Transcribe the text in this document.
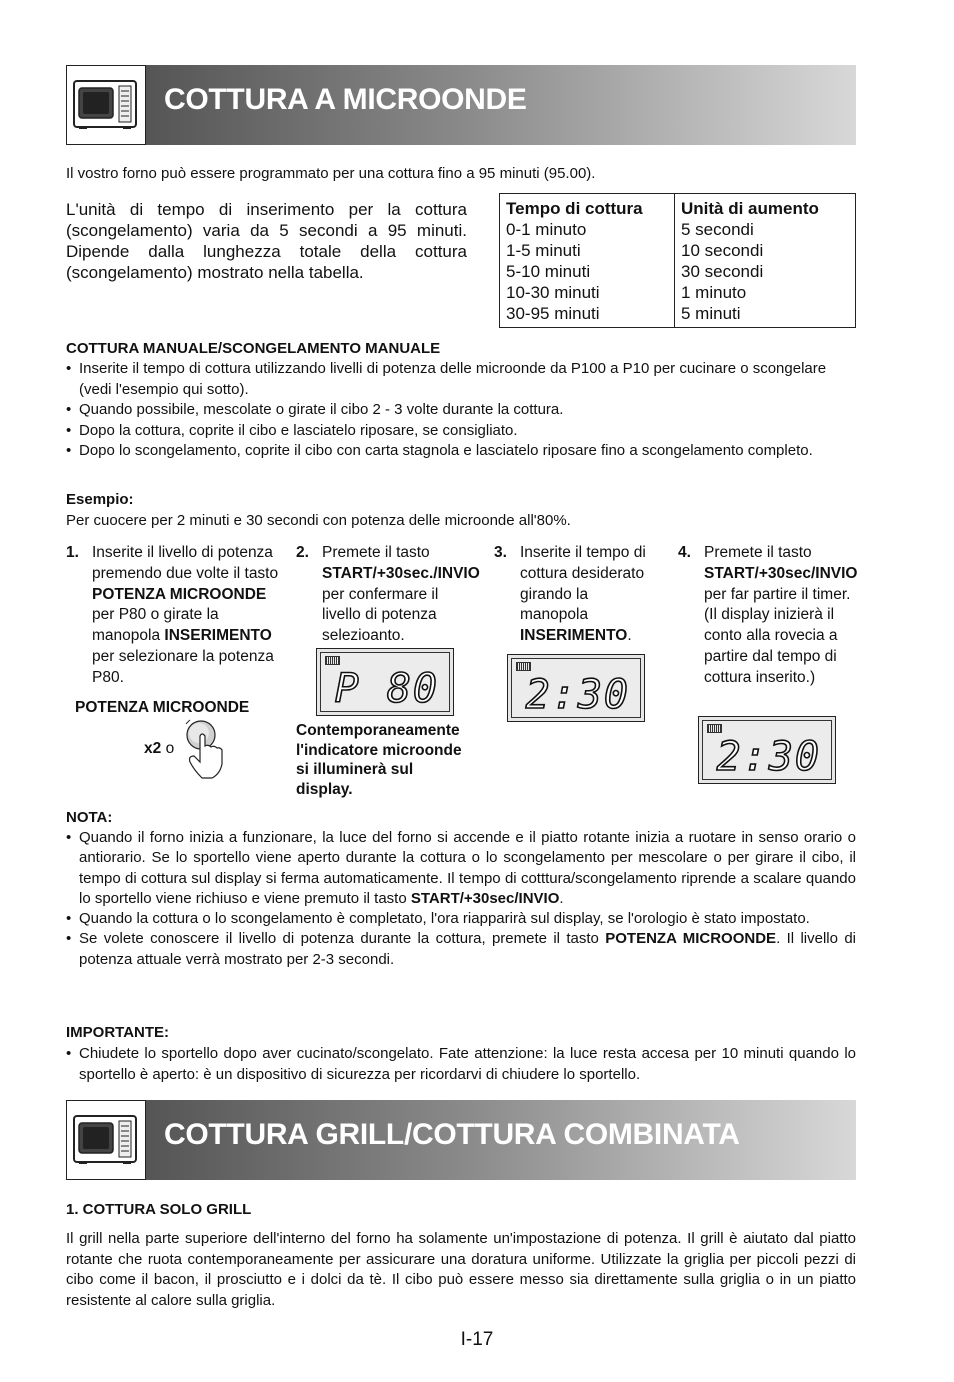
COTTURA A MICROONDE
Il vostro forno può essere programmato per una cottura fino a 95 minuti (95.00).
L'unità di tempo di inserimento per la cottura (scongelamento) varia da 5 secondi a 95 minuti. Dipende dalla lunghezza totale della cottura (scongelamento) mostrato nella tabella.
Tempo di cottura	Unità di aumento
0-1 minuto	5 secondi
1-5 minuti	10 secondi
5-10 minuti	30 secondi
10-30 minuti	1 minuto
30-95 minuti	5 minuti
COTTURA MANUALE/SCONGELAMENTO MANUALE
• Inserite il tempo di cottura utilizzando livelli di potenza delle microonde da P100 a P10 per cucinare o scongelare (vedi l'esempio qui sotto).
• Quando possibile, mescolate o girate il cibo 2 - 3 volte durante la cottura.
• Dopo la cottura, coprite il cibo e lasciatelo riposare, se consigliato.
• Dopo lo scongelamento, coprite il cibo con carta stagnola e lasciatelo riposare fino a scongelamento completo.
Esempio:
Per cuocere per 2 minuti e 30 secondi con potenza delle microonde all'80%.
1. Inserite il livello di potenza premendo due volte il tasto POTENZA MICROONDE per P80 o girate la manopola INSERIMENTO per selezionare la potenza P80.
POTENZA MICROONDE
x2 o
2. Premete il tasto START/+30sec./INVIO per confermare il livello di potenza selezioanto.
P 80
Contemporaneamente l'indicatore microonde si illuminerà sul display.
3. Inserite il tempo di cottura desiderato girando la manopola INSERIMENTO.
2:30
4. Premete il tasto START/+30sec/INVIO per far partire il timer. (Il display inizierà il conto alla rovecia a partire dal tempo di cottura inserito.)
2:30
NOTA:
• Quando il forno inizia a funzionare, la luce del forno si accende e il piatto rotante inizia a ruotare in senso orario o antiorario. Se lo sportello viene aperto durante la cottura o lo scongelamento per mescolare o per girare il cibo, il tempo di cottura sul display si ferma automaticamente. Il tempo di cotttura/scongelamento riprende a scalare quando lo sportello viene richiuso e viene premuto il tasto START/+30sec/INVIO.
• Quando la cottura o lo scongelamento è completato, l'ora riapparirà sul display, se l'orologio è stato impostato.
• Se volete conoscere il livello di potenza durante la cottura, premete il tasto POTENZA MICROONDE. Il livello di potenza attuale verrà mostrato per 2-3 secondi.
IMPORTANTE:
• Chiudete lo sportello dopo aver cucinato/scongelato. Fate attenzione: la luce resta accesa per 10 minuti quando lo sportello è aperto: è un dispositivo di sicurezza per ricordarvi di chiudere lo sportello.
COTTURA GRILL/COTTURA COMBINATA
1. COTTURA SOLO GRILL
Il grill nella parte superiore dell'interno del forno ha solamente un'impostazione di potenza. Il grill è aiutato dal piatto rotante che ruota contemporaneamente per assicurare una doratura uniforme. Utilizzate la griglia per piccoli pezzi di cibo come il bacon, il prosciutto e i dolci da tè. Il cibo può essere messo sia direttamente sulla griglia o in un piatto resistente al calore sulla griglia.
I-17
